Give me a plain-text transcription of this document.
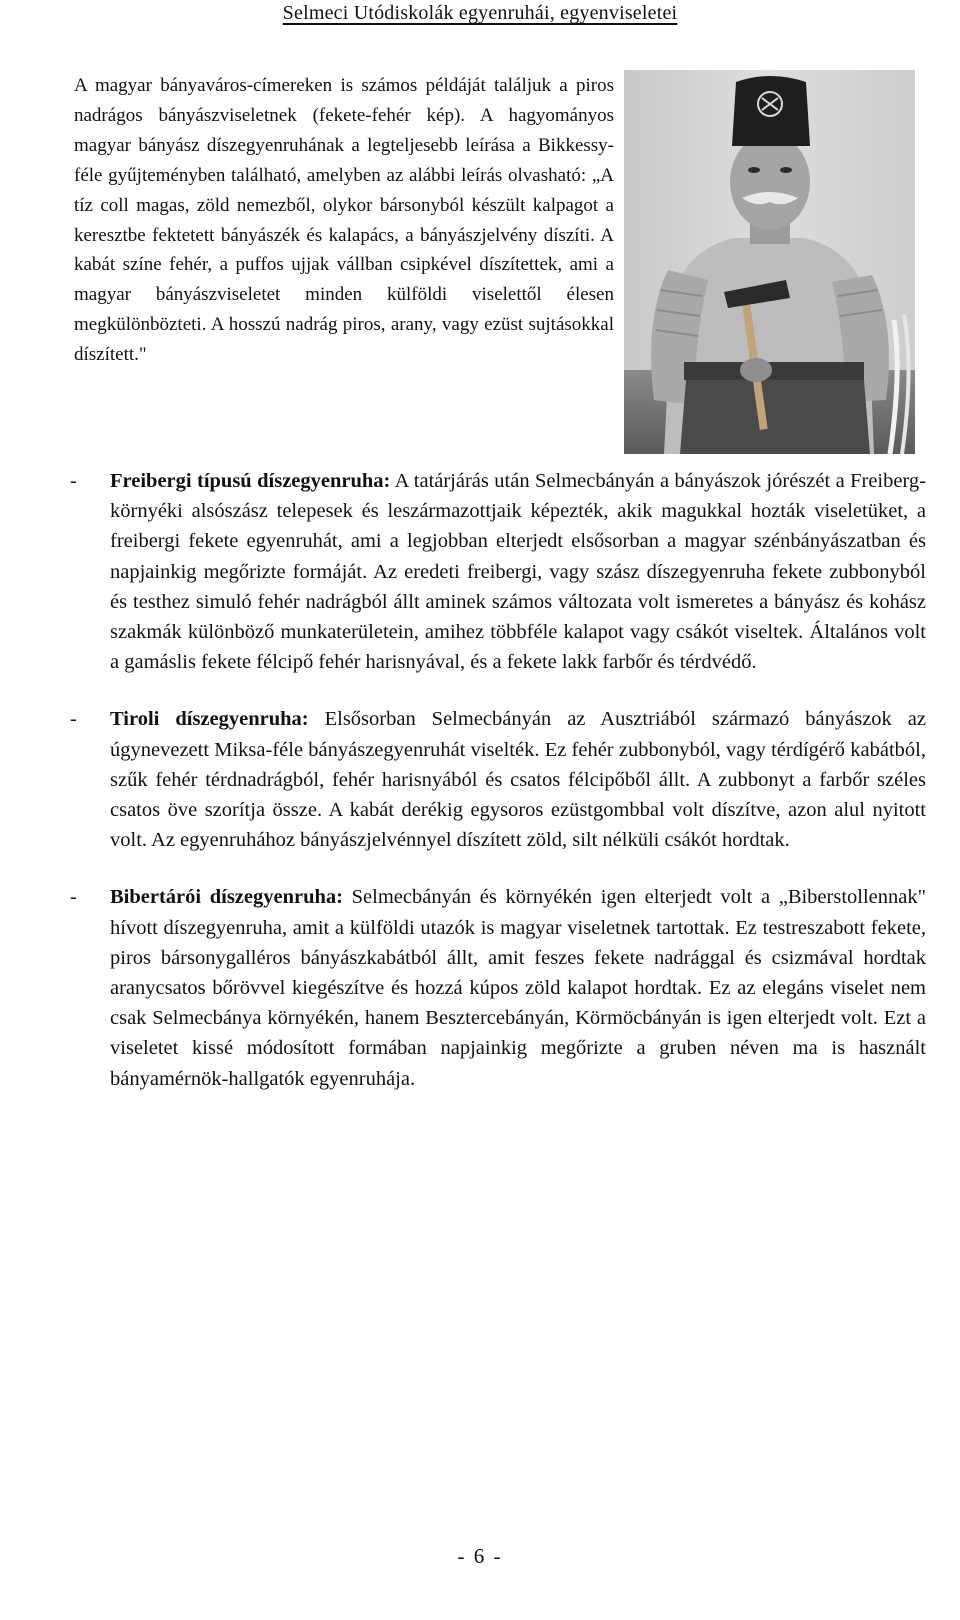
Selmeci Utódiskolák egyenruhái, egyenviseletei

A magyar bányaváros-címereken is számos példáját találjuk a piros nadrágos bányászviseletnek (fekete-fehér kép). A hagyományos magyar bányász díszegyenruhának a legteljesebb leírása a Bikkessy-féle gyűjteményben található, amelyben az alábbi leírás olvasható: „A tíz coll magas, zöld nemezből, olykor bársonyból készült kalpagot a keresztbe fektetett bányászék és kalapács, a bányászjelvény díszíti. A kabát színe fehér, a puffos ujjak vállban csipkével díszítettek, ami a magyar bányászviseletet minden külföldi viselettől élesen megkülönbözteti. A hosszú nadrág piros, arany, vagy ezüst sujtásokkal díszített."

- Freibergi típusú díszegyenruha: A tatárjárás után Selmecbányán a bányászok jórészét a Freiberg-környéki alsószász telepesek és leszármazottjaik képezték, akik magukkal hozták viseletüket, a freibergi fekete egyenruhát, ami a legjobban elterjedt elsősorban a magyar szénbányászatban és napjainkig megőrizte formáját. Az eredeti freibergi, vagy szász díszegyenruha fekete zubbonyból és testhez simuló fehér nadrágból állt aminek számos változata volt ismeretes a bányász és kohász szakmák különböző munkaterületein, amihez többféle kalapot vagy csákót viseltek. Általános volt a gamáslis fekete félcipő fehér harisnyával, és a fekete lakk farbőr és térdvédő.
- Tiroli díszegyenruha: Elsősorban Selmecbányán az Ausztriából származó bányászok az úgynevezett Miksa-féle bányászegyenruhát viselték. Ez fehér zubbonyból, vagy térdígérő kabátból, szűk fehér térdnadrágból, fehér harisnyából és csatos félcipőből állt. A zubbonyt a farbőr széles csatos öve szorítja össze. A kabát derékig egysoros ezüstgombbal volt díszítve, azon alul nyitott volt. Az egyenruhához bányászjelvénnyel díszített zöld, silt nélküli csákót hordtak.
- Bibertárói díszegyenruha: Selmecbányán és környékén igen elterjedt volt a „Biberstollennak" hívott díszegyenruha, amit a külföldi utazók is magyar viseletnek tartottak. Ez testreszabott fekete, piros bársonygalléros bányászkabátból állt, amit feszes fekete nadrággal és csizmával hordtak aranycsatos bőrövvel kiegészítve és hozzá kúpos zöld kalapot hordtak. Ez az elegáns viselet nem csak Selmecbánya környékén, hanem Besztercebányán, Körmöcbányán is igen elterjedt volt. Ezt a viseletet kissé módosított formában napjainkig megőrizte a gruben néven ma is használt bányamérnök-hallgatók egyenruhája.
- 6 -
